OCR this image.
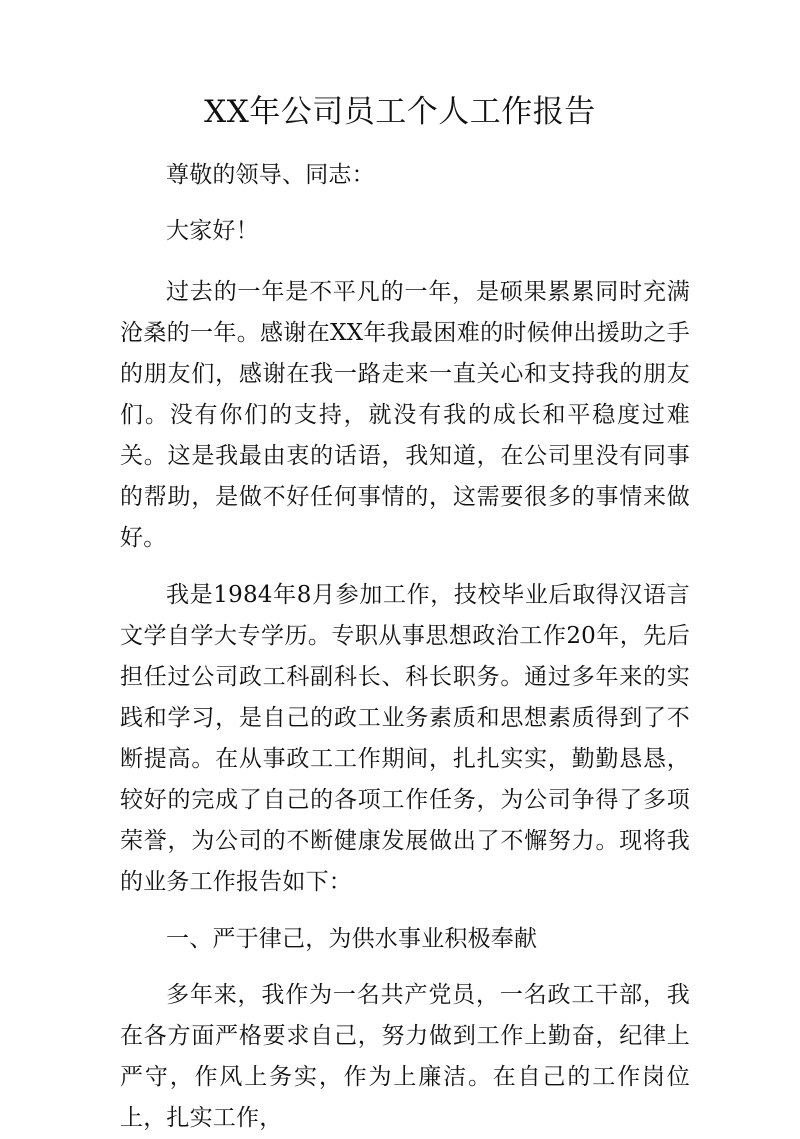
XX年公司员工个人工作报告

尊敬的领导、同志：

大家好！

过去的一年是不平凡的一年，是硕果累累同时充满沧桑的一年。感谢在XX年我最困难的时候伸出援助之手的朋友们，感谢在我一路走来一直关心和支持我的朋友们。没有你们的支持，就没有我的成长和平稳度过难关。这是我最由衷的话语，我知道，在公司里没有同事的帮助，是做不好任何事情的，这需要很多的事情来做好。

我是1984年8月参加工作，技校毕业后取得汉语言文学自学大专学历。专职从事思想政治工作20年，先后担任过公司政工科副科长、科长职务。通过多年来的实践和学习，是自己的政工业务素质和思想素质得到了不断提高。在从事政工工作期间，扎扎实实，勤勤恳恳，较好的完成了自己的各项工作任务，为公司争得了多项荣誉，为公司的不断健康发展做出了不懈努力。现将我的业务工作报告如下：

一、严于律己，为供水事业积极奉献

多年来，我作为一名共产党员，一名政工干部，我在各方面严格要求自己，努力做到工作上勤奋，纪律上严守，作风上务实，作为上廉洁。在自己的工作岗位上，扎实工作，
